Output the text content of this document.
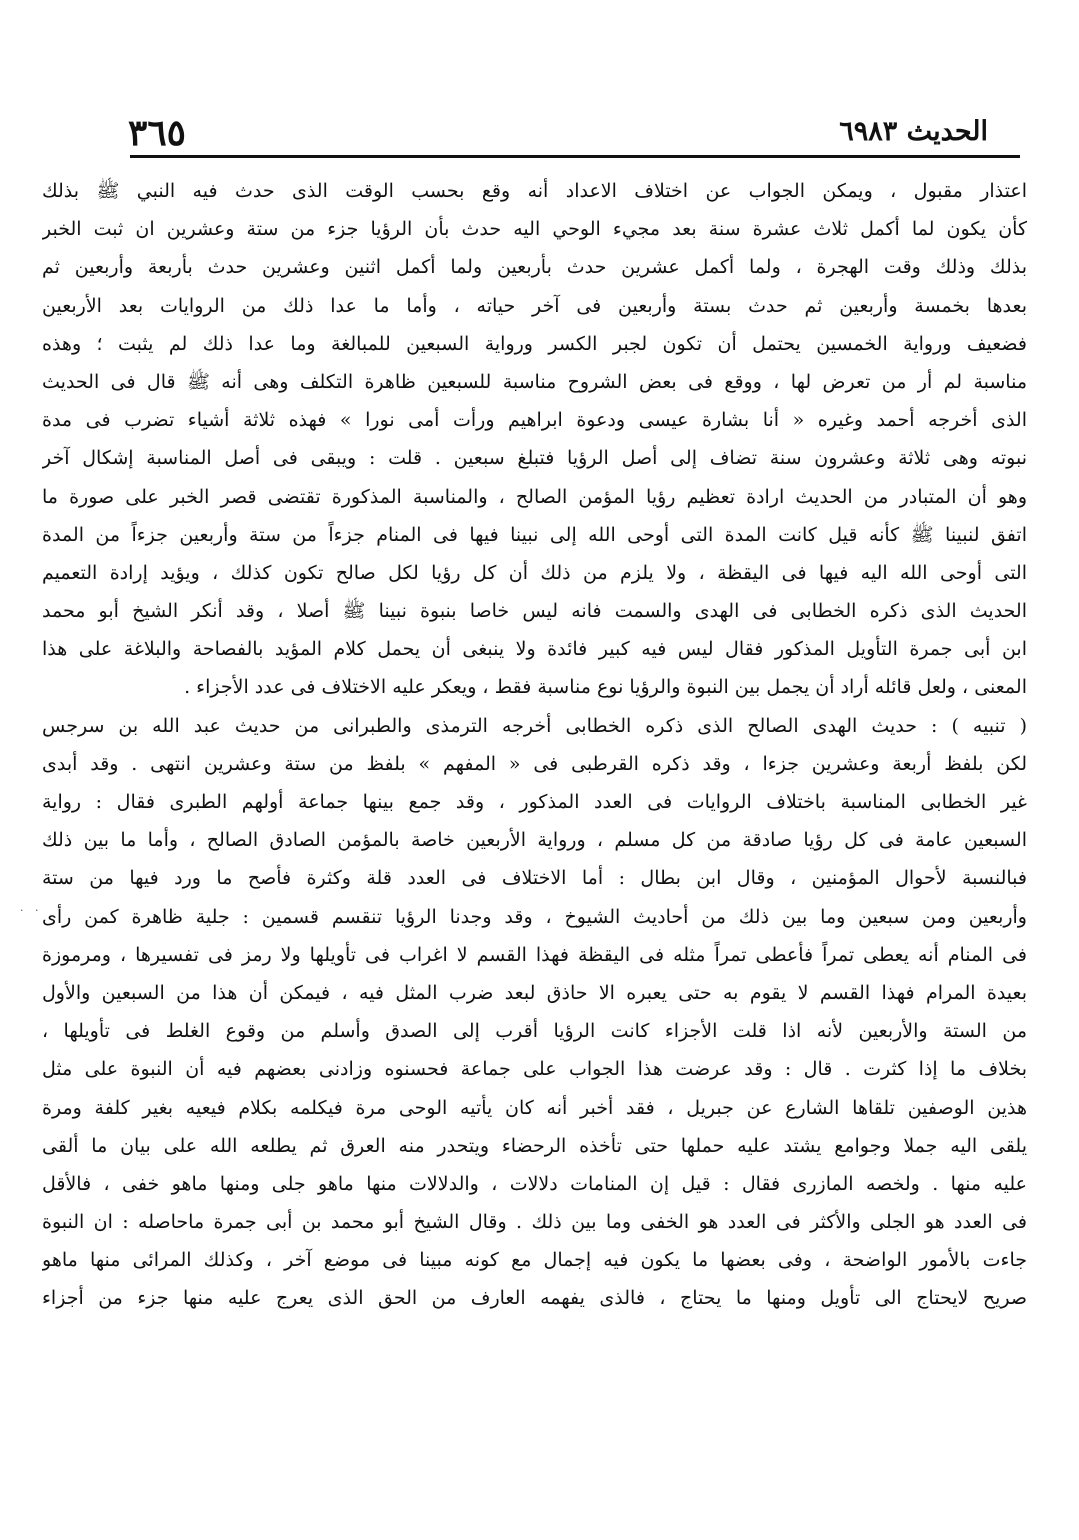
الحديث ٦٩٨٣
٣٦٥
· ·
اعتذار مقبول ، ويمكن الجواب عن اختلاف الاعداد أنه وقع بحسب الوقت الذى حدث فيه النبي ﷺ بذلك
كأن يكون لما أكمل ثلاث عشرة سنة بعد مجيء الوحي اليه حدث بأن الرؤيا جزء من ستة وعشرين ان ثبت الخبر
بذلك وذلك وقت الهجرة ، ولما أكمل عشرين حدث بأربعين ولما أكمل اثنين وعشرين حدث بأربعة وأربعين ثم
بعدها بخمسة وأربعين ثم حدث بستة وأربعين فى آخر حياته ، وأما ما عدا ذلك من الروايات بعد الأربعين
فضعيف ورواية الخمسين يحتمل أن تكون لجبر الكسر ورواية السبعين للمبالغة وما عدا ذلك لم يثبت ؛ وهذه
مناسبة لم أر من تعرض لها ، ووقع فى بعض الشروح مناسبة للسبعين ظاهرة التكلف وهى أنه ﷺ قال فى الحديث
الذى أخرجه أحمد وغيره « أنا بشارة عيسى ودعوة ابراهيم ورأت أمى نورا » فهذه ثلاثة أشياء تضرب فى مدة
نبوته وهى ثلاثة وعشرون سنة تضاف إلى أصل الرؤيا فتبلغ سبعين . قلت : ويبقى فى أصل المناسبة إشكال آخر
وهو أن المتبادر من الحديث ارادة تعظيم رؤيا المؤمن الصالح ، والمناسبة المذكورة تقتضى قصر الخبر على صورة ما
اتفق لنبينا ﷺ كأنه قيل كانت المدة التى أوحى الله إلى نبينا فيها فى المنام جزءاً من ستة وأربعين جزءاً من المدة
التى أوحى الله اليه فيها فى اليقظة ، ولا يلزم من ذلك أن كل رؤيا لكل صالح تكون كذلك ، ويؤيد إرادة التعميم
الحديث الذى ذكره الخطابى فى الهدى والسمت فانه ليس خاصا بنبوة نبينا ﷺ أصلا ، وقد أنكر الشيخ أبو محمد
ابن أبى جمرة التأويل المذكور فقال ليس فيه كبير فائدة ولا ينبغى أن يحمل كلام المؤيد بالفصاحة والبلاغة على هذا
المعنى ، ولعل قائله أراد أن يجمل بين النبوة والرؤيا نوع مناسبة فقط ، ويعكر عليه الاختلاف فى عدد الأجزاء .
( تنبيه ) : حديث الهدى الصالح الذى ذكره الخطابى أخرجه الترمذى والطبرانى من حديث عبد الله بن سرجس
لكن بلفظ أربعة وعشرين جزءا ، وقد ذكره القرطبى فى « المفهم » بلفظ من ستة وعشرين انتهى . وقد أبدى
غير الخطابى المناسبة باختلاف الروايات فى العدد المذكور ، وقد جمع بينها جماعة أولهم الطبرى فقال : رواية
السبعين عامة فى كل رؤيا صادقة من كل مسلم ، ورواية الأربعين خاصة بالمؤمن الصادق الصالح ، وأما ما بين ذلك
فبالنسبة لأحوال المؤمنين ، وقال ابن بطال : أما الاختلاف فى العدد قلة وكثرة فأصح ما ورد فيها من ستة
وأربعين ومن سبعين وما بين ذلك من أحاديث الشيوخ ، وقد وجدنا الرؤيا تنقسم قسمين : جلية ظاهرة كمن رأى
فى المنام أنه يعطى تمراً فأعطى تمراً مثله فى اليقظة فهذا القسم لا اغراب فى تأويلها ولا رمز فى تفسيرها ، ومرموزة
بعيدة المرام فهذا القسم لا يقوم به حتى يعبره الا حاذق لبعد ضرب المثل فيه ، فيمكن أن هذا من السبعين والأول
من الستة والأربعين لأنه اذا قلت الأجزاء كانت الرؤيا أقرب إلى الصدق وأسلم من وقوع الغلط فى تأويلها ،
بخلاف ما إذا كثرت . قال : وقد عرضت هذا الجواب على جماعة فحسنوه وزادنى بعضهم فيه أن النبوة على مثل
هذين الوصفين تلقاها الشارع عن جبريل ، فقد أخبر أنه كان يأتيه الوحى مرة فيكلمه بكلام فيعيه بغير كلفة ومرة
يلقى اليه جملا وجوامع يشتد عليه حملها حتى تأخذه الرحضاء ويتحدر منه العرق ثم يطلعه الله على بيان ما ألقى
عليه منها . ولخصه المازرى فقال : قيل إن المنامات دلالات ، والدلالات منها ماهو جلى ومنها ماهو خفى ، فالأقل
فى العدد هو الجلى والأكثر فى العدد هو الخفى وما بين ذلك . وقال الشيخ أبو محمد بن أبى جمرة ماحاصله : ان النبوة
جاءت بالأمور الواضحة ، وفى بعضها ما يكون فيه إجمال مع كونه مبينا فى موضع آخر ، وكذلك المرائى منها ماهو
صريح لايحتاج الى تأويل ومنها ما يحتاج ، فالذى يفهمه العارف من الحق الذى يعرج عليه منها جزء من أجزاء
